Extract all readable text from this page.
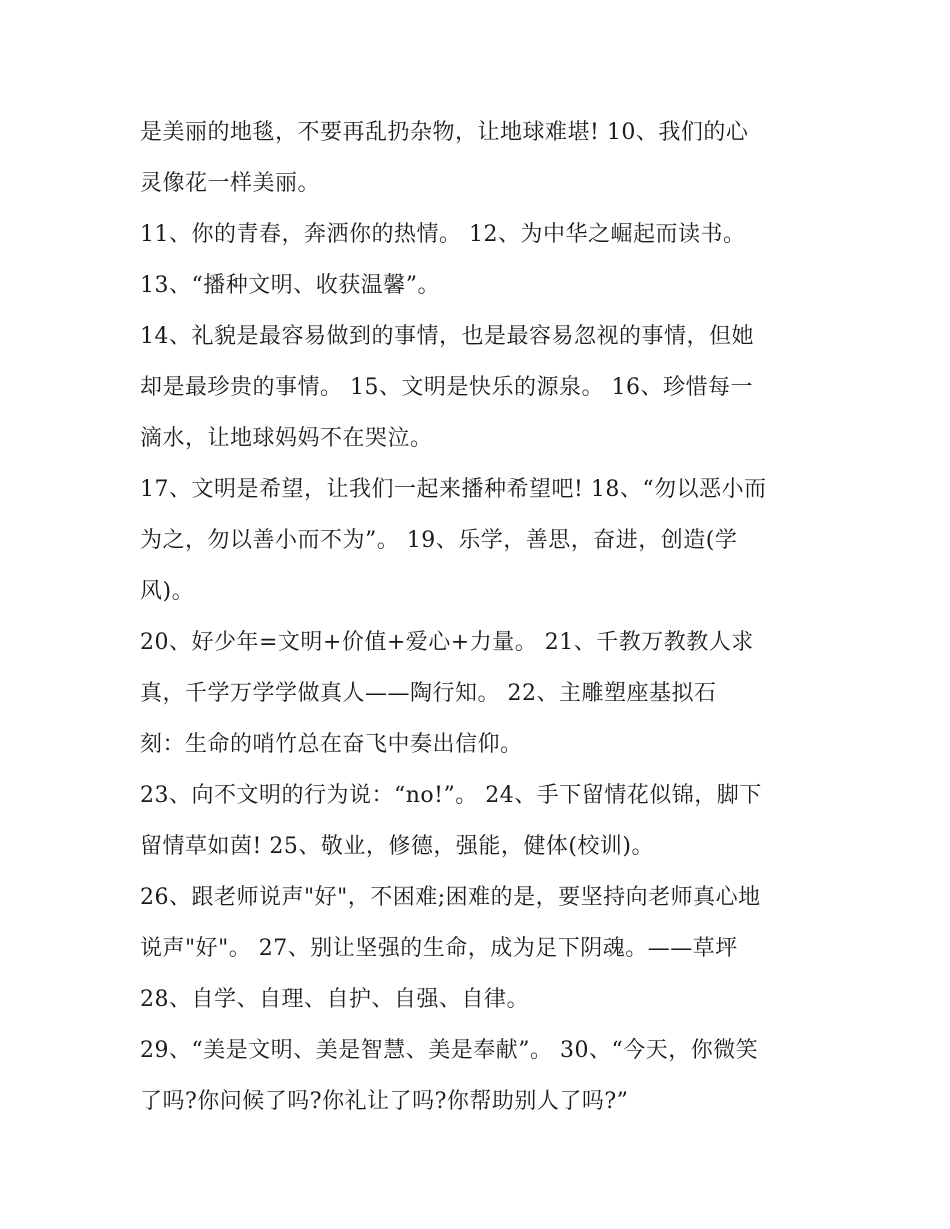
是美丽的地毯，不要再乱扔杂物，让地球难堪! 10、我们的心
灵像花一样美丽。
11、你的青春，奔洒你的热情。 12、为中华之崛起而读书。
13、“播种文明、收获温馨”。
14、礼貌是最容易做到的事情，也是最容易忽视的事情，但她
却是最珍贵的事情。 15、文明是快乐的源泉。 16、珍惜每一
滴水，让地球妈妈不在哭泣。
17、文明是希望，让我们一起来播种希望吧! 18、“勿以恶小而
为之，勿以善小而不为”。 19、乐学，善思，奋进，创造(学
风)。
20、好少年=文明+价值+爱心+力量。 21、千教万教教人求
真，千学万学学做真人——陶行知。 22、主雕塑座基拟石
刻：生命的哨竹总在奋飞中奏出信仰。
23、向不文明的行为说：“no!”。 24、手下留情花似锦，脚下
留情草如茵! 25、敬业，修德，强能，健体(校训)。
26、跟老师说声"好"，不困难;困难的是，要坚持向老师真心地
说声"好"。 27、别让坚强的生命，成为足下阴魂。——草坪
28、自学、自理、自护、自强、自律。
29、“美是文明、美是智慧、美是奉献”。 30、“今天，你微笑
了吗?你问候了吗?你礼让了吗?你帮助别人了吗?”
